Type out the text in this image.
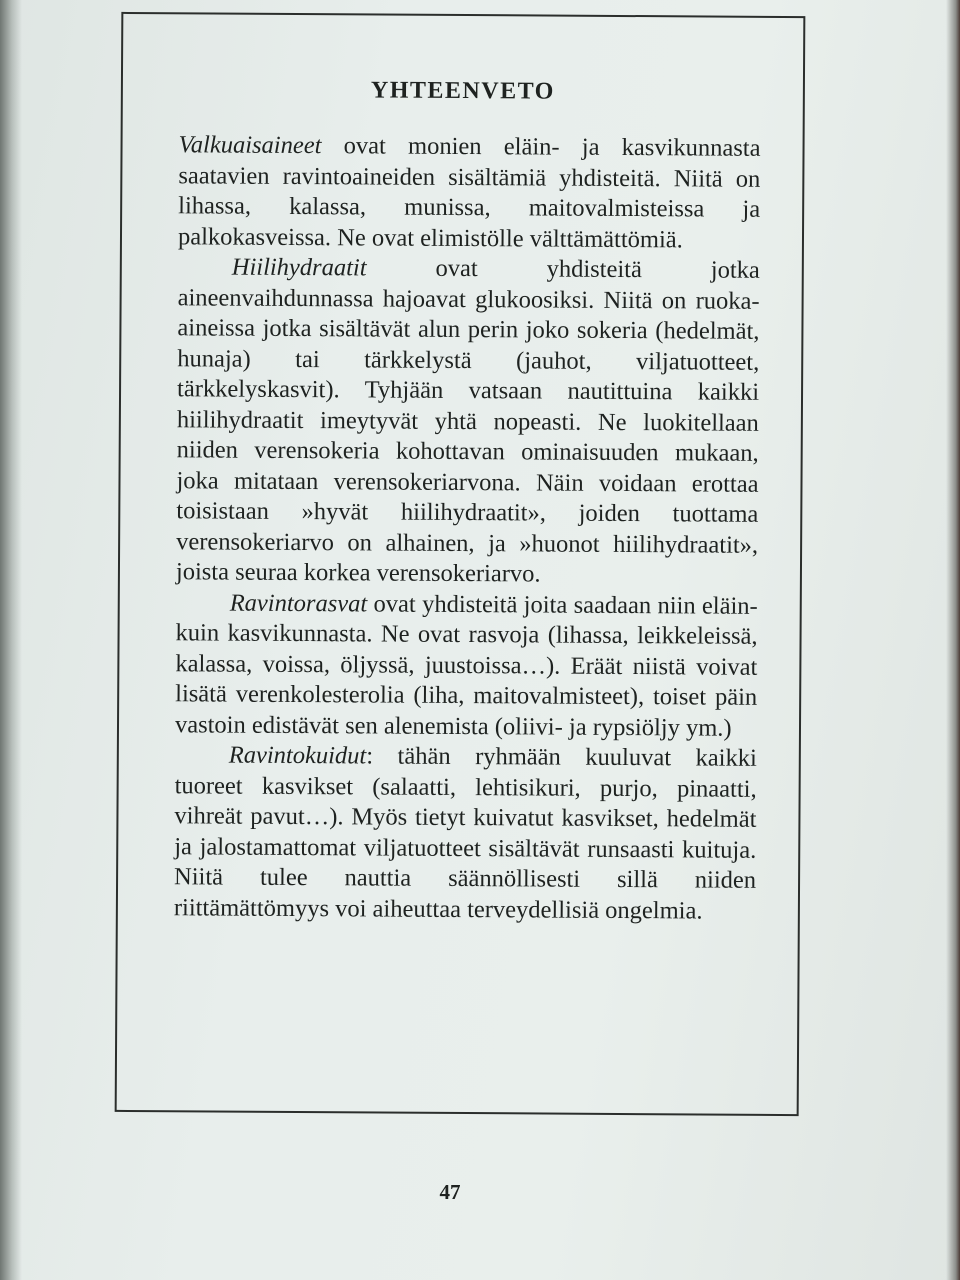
YHTEENVETO

Valkuaisaineet ovat monien eläin- ja kasvikunnasta saatavien ravintoaineiden sisältämiä yhdisteitä. Niitä on lihassa, kalassa, munissa, maitovalmisteissa ja palkokasveissa. Ne ovat elimistölle välttämättömiä.

Hiilihydraatit ovat yhdisteitä jotka aineenvaihdunnassa hajoavat glukoosiksi. Niitä on ruoka-aineissa jotka sisältävät alun perin joko sokeria (hedelmät, hunaja) tai tärkkelystä (jauhot, viljatuotteet, tärkkelyskasvit). Tyhjään vatsaan nautittuina kaikki hiilihydraatit imeytyvät yhtä nopeasti. Ne luokitellaan niiden verensokeria kohottavan ominaisuuden mukaan, joka mitataan verensokeriarvona. Näin voidaan erottaa toisistaan »hyvät hiilihydraatit», joiden tuottama verensokeriarvo on alhainen, ja »huonot hiilihydraatit», joista seuraa korkea verensokeriarvo.

Ravintorasvat ovat yhdisteitä joita saadaan niin eläin- kuin kasvikunnasta. Ne ovat rasvoja (lihassa, leikkeleissä, kalassa, voissa, öljyssä, juustoissa…). Eräät niistä voivat lisätä verenkolesterolia (liha, maitovalmisteet), toiset päin vastoin edistävät sen alenemista (oliivi- ja rypsiöljy ym.)

Ravintokuidut: tähän ryhmään kuuluvat kaikki tuoreet kasvikset (salaatti, lehtisikuri, purjo, pinaatti, vihreät pavut…). Myös tietyt kuivatut kasvikset, hedelmät ja jalostamattomat viljatuotteet sisältävät runsaasti kuituja. Niitä tulee nauttia säännöllisesti sillä niiden riittämättömyys voi aiheuttaa terveydellisiä ongelmia.

47
